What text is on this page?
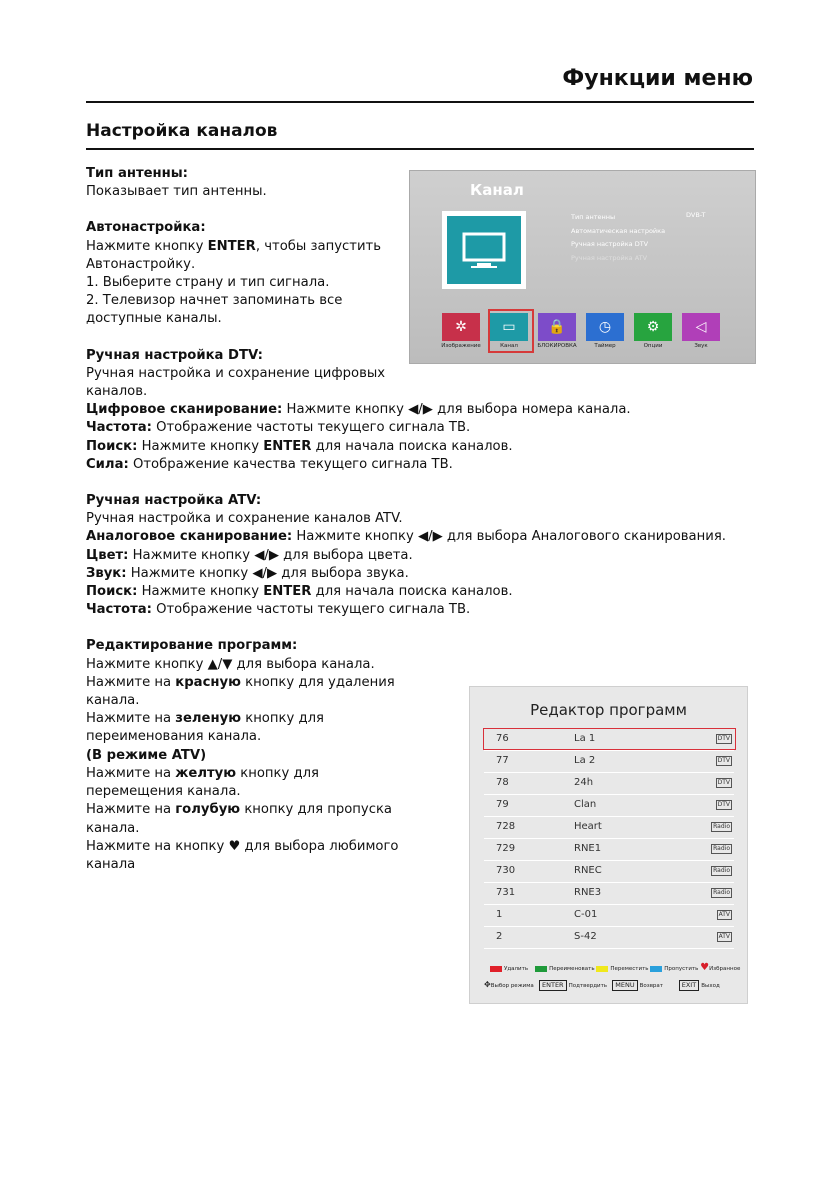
Функции меню
Настройка каналов

Тип антенны:

Показывает тип антенны.

Автонастройка:

Нажмите кнопку ENTER, чтобы запустить

Автонастройку.

1. Выберите страну и тип сигнала.

2. Телевизор начнет запоминать все

доступные каналы.

Ручная настройка DTV:

Ручная настройка и сохранение цифровых

каналов.

Цифровое сканирование: Нажмите кнопку ◀/▶ для выбора номера канала.

Частота: Отображение частоты текущего сигнала ТВ.

Поиск: Нажмите кнопку ENTER для начала поиска каналов.

Сила: Отображение качества текущего сигнала ТВ.

Ручная настройка ATV:

Ручная настройка и сохранение каналов ATV.

Аналоговое сканирование: Нажмите кнопку ◀/▶ для выбора Аналогового сканирования.

Цвет: Нажмите кнопку ◀/▶ для выбора цвета.

Звук: Нажмите кнопку ◀/▶ для выбора звука.

Поиск: Нажмите кнопку ENTER для начала поиска каналов.

Частота: Отображение частоты текущего сигнала ТВ.

Редактирование программ:

Нажмите кнопку ▲/▼ для выбора канала.

Нажмите на красную кнопку для удаления

канала.

Нажмите на зеленую кнопку для

переименования канала.

(В режиме ATV)

Нажмите на желтую кнопку для

перемещения канала.

Нажмите на голубую кнопку для пропуска

канала.

Нажмите на кнопку ♥ для выбора любимого

канала

Канал
Тип антенны
Автоматическая настройка
Ручная настройка DTV
Ручная настройка ATV
DVB-T
✲
Изображение
▭
Канал
🔒
БЛОКИРОВКА
◷
Таймер
⚙
Опции
◁
Звук
Редактор программ
76	La 1	DTV
77	La 2	DTV
78	24h	DTV
79	Clan	DTV
728	Heart	Radio
729	RNE1	Radio
730	RNEC	Radio
731	RNE3	Radio
1	C-01	ATV
2	S-42	ATV
Удалить	Переименовать	Переместить	Пропустить ♥Избранное
✥Выбор режима ENTER Подтвердить MENU Возврат	EXIT Выход
